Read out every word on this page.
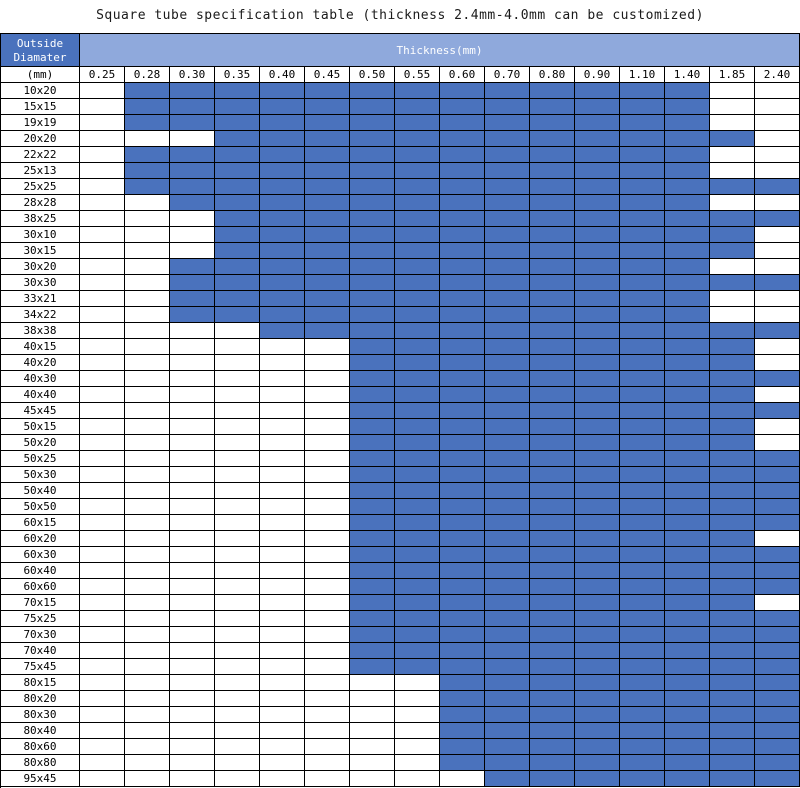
Square tube specification table (thickness 2.4mm-4.0mm can be customized)
Outside Diamater
Thickness(mm)
(mm)	0.25	0.28	0.30	0.35	0.40	0.45	0.50	0.55	0.60	0.70	0.80	0.90	1.10	1.40	1.85	2.40
10x20
15x15
19x19
20x20
22x22
25x13
25x25
28x28
38x25
30x10
30x15
30x20
30x30
33x21
34x22
38x38
40x15
40x20
40x30
40x40
45x45
50x15
50x20
50x25
50x30
50x40
50x50
60x15
60x20
60x30
60x40
60x60
70x15
75x25
70x30
70x40
75x45
80x15
80x20
80x30
80x40
80x60
80x80
95x45
